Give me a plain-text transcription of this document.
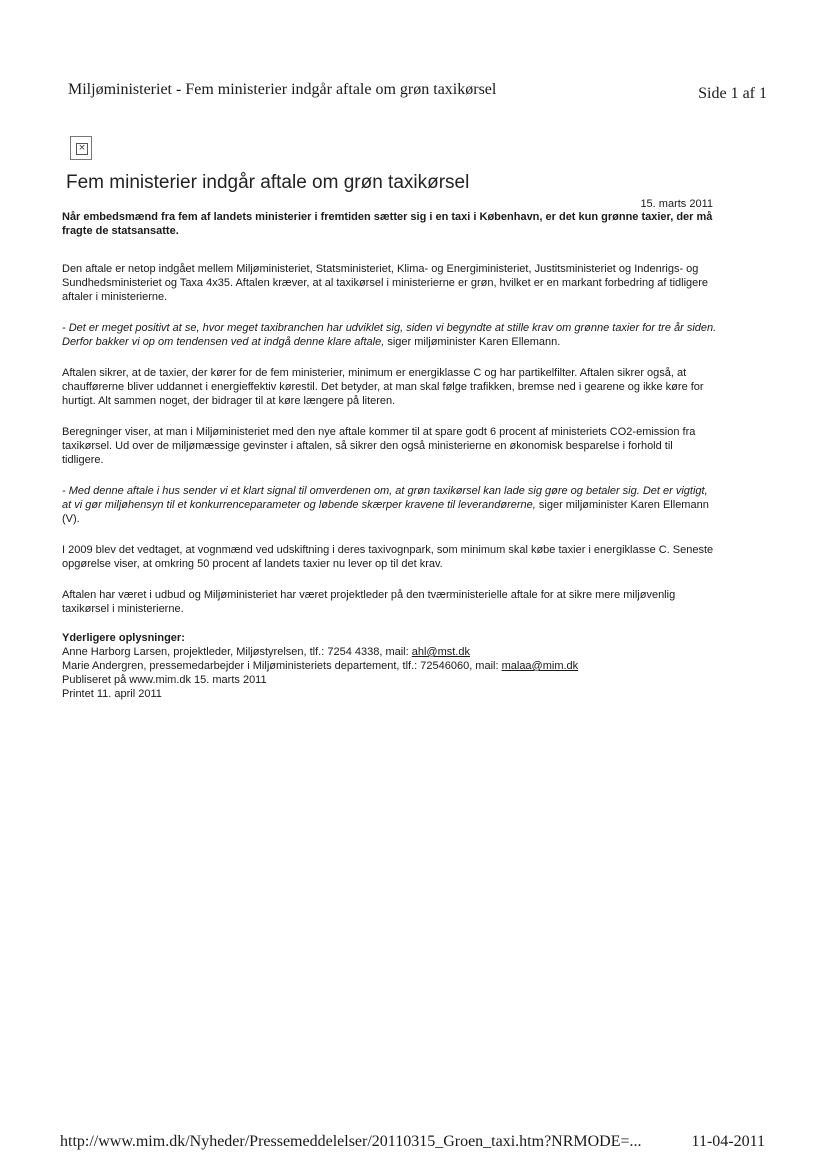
Miljøministeriet - Fem ministerier indgår aftale om grøn taxikørsel	Side 1 af 1
×
Fem ministerier indgår aftale om grøn taxikørsel
15. marts 2011

Når embedsmænd fra fem af landets ministerier i fremtiden sætter sig i en taxi i København, er det kun grønne taxier, der må fragte de statsansatte.

Den aftale er netop indgået mellem Miljøministeriet, Statsministeriet, Klima- og Energiministeriet, Justitsministeriet og Indenrigs- og Sundhedsministeriet og Taxa 4x35. Aftalen kræver, at al taxikørsel i ministerierne er grøn, hvilket er en markant forbedring af tidligere aftaler i ministerierne.

- Det er meget positivt at se, hvor meget taxibranchen har udviklet sig, siden vi begyndte at stille krav om grønne taxier for tre år siden. Derfor bakker vi op om tendensen ved at indgå denne klare aftale, siger miljøminister Karen Ellemann.

Aftalen sikrer, at de taxier, der kører for de fem ministerier, minimum er energiklasse C og har partikelfilter. Aftalen sikrer også, at chaufførerne bliver uddannet i energieffektiv kørestil. Det betyder, at man skal følge trafikken, bremse ned i gearene og ikke køre for hurtigt. Alt sammen noget, der bidrager til at køre længere på literen.

Beregninger viser, at man i Miljøministeriet med den nye aftale kommer til at spare godt 6 procent af ministeriets CO2-emission fra taxikørsel. Ud over de miljømæssige gevinster i aftalen, så sikrer den også ministerierne en økonomisk besparelse i forhold til tidligere.

- Med denne aftale i hus sender vi et klart signal til omverdenen om, at grøn taxikørsel kan lade sig gøre og betaler sig. Det er vigtigt, at vi gør miljøhensyn til et konkurrenceparameter og løbende skærper kravene til leverandørerne, siger miljøminister Karen Ellemann (V).

I 2009 blev det vedtaget, at vognmænd ved udskiftning i deres taxivognpark, som minimum skal købe taxier i energiklasse C. Seneste opgørelse viser, at omkring 50 procent af landets taxier nu lever op til det krav.

Aftalen har været i udbud og Miljøministeriet har været projektleder på den tværministerielle aftale for at sikre mere miljøvenlig taxikørsel i ministerierne.

Yderligere oplysninger:
Anne Harborg Larsen, projektleder, Miljøstyrelsen, tlf.: 7254 4338, mail: ahl@mst.dk
Marie Andergren, pressemedarbejder i Miljøministeriets departement, tlf.: 72546060, mail: malaa@mim.dk
Publiseret på www.mim.dk 15. marts 2011
Printet 11. april 2011
http://www.mim.dk/Nyheder/Pressemeddelelser/20110315_Groen_taxi.htm?NRMODE=...	11-04-2011
